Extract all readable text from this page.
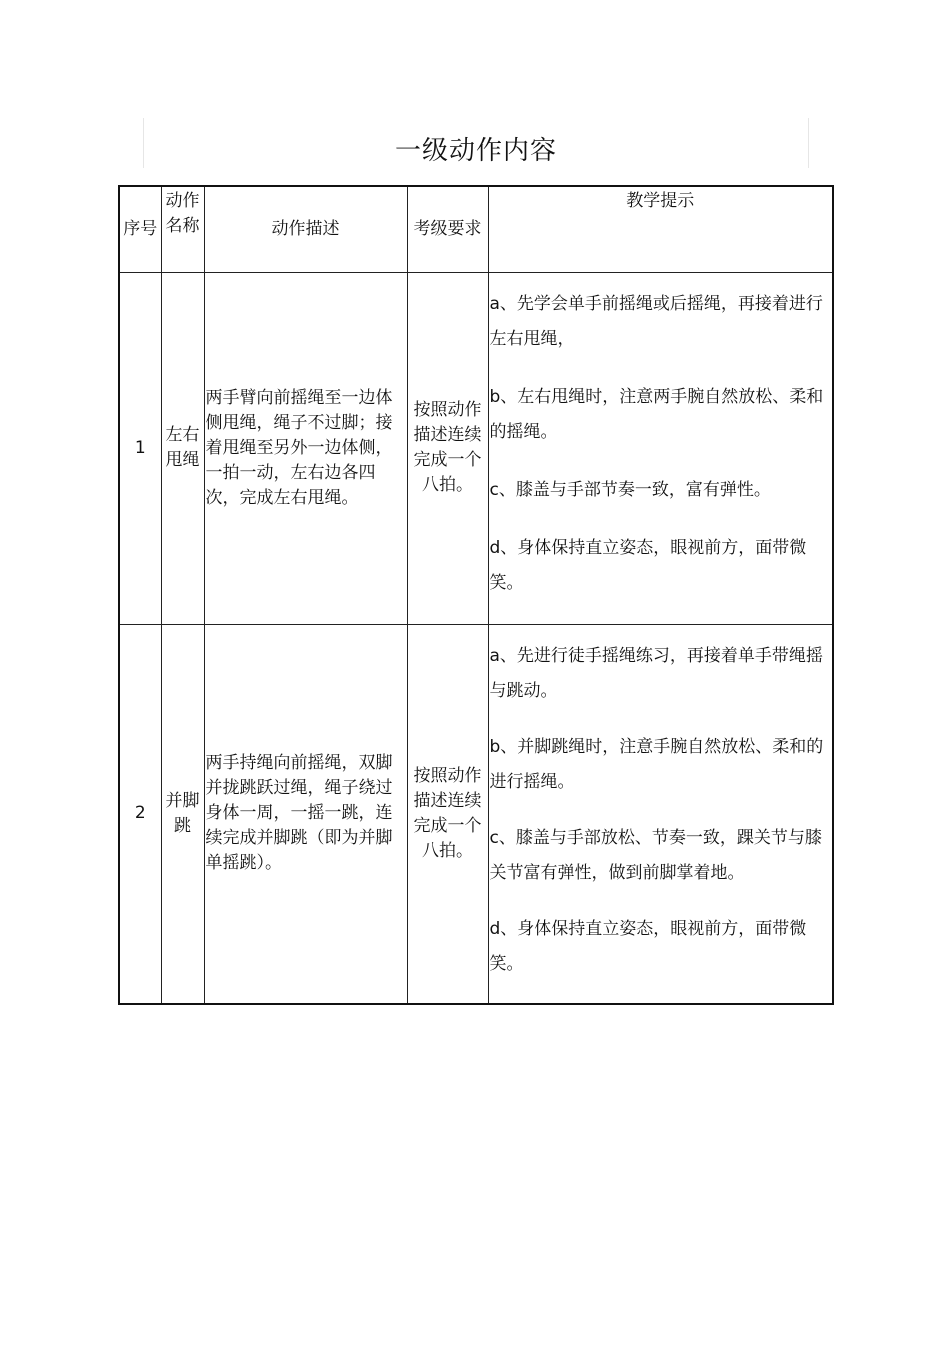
一级动作内容
序号	动作名称	动作描述	考级要求	教学提示
1	左右甩绳	两手臂向前摇绳至一边体侧甩绳，绳子不过脚；接着甩绳至另外一边体侧，一拍一动，左右边各四次，完成左右甩绳。	按照动作描述连续完成一个八拍。	a、先学会单手前摇绳或后摇绳，再接着进行左右甩绳，

b、左右甩绳时，注意两手腕自然放松、柔和的摇绳。

c、膝盖与手部节奏一致，富有弹性。

d、身体保持直立姿态，眼视前方，面带微笑。

2	并脚跳	两手持绳向前摇绳，双脚并拢跳跃过绳，绳子绕过身体一周，一摇一跳，连续完成并脚跳（即为并脚单摇跳）。	按照动作描述连续完成一个八拍。	a、先进行徒手摇绳练习，再接着单手带绳摇与跳动。

b、并脚跳绳时，注意手腕自然放松、柔和的进行摇绳。

c、膝盖与手部放松、节奏一致，踝关节与膝关节富有弹性，做到前脚掌着地。

d、身体保持直立姿态，眼视前方，面带微笑。
